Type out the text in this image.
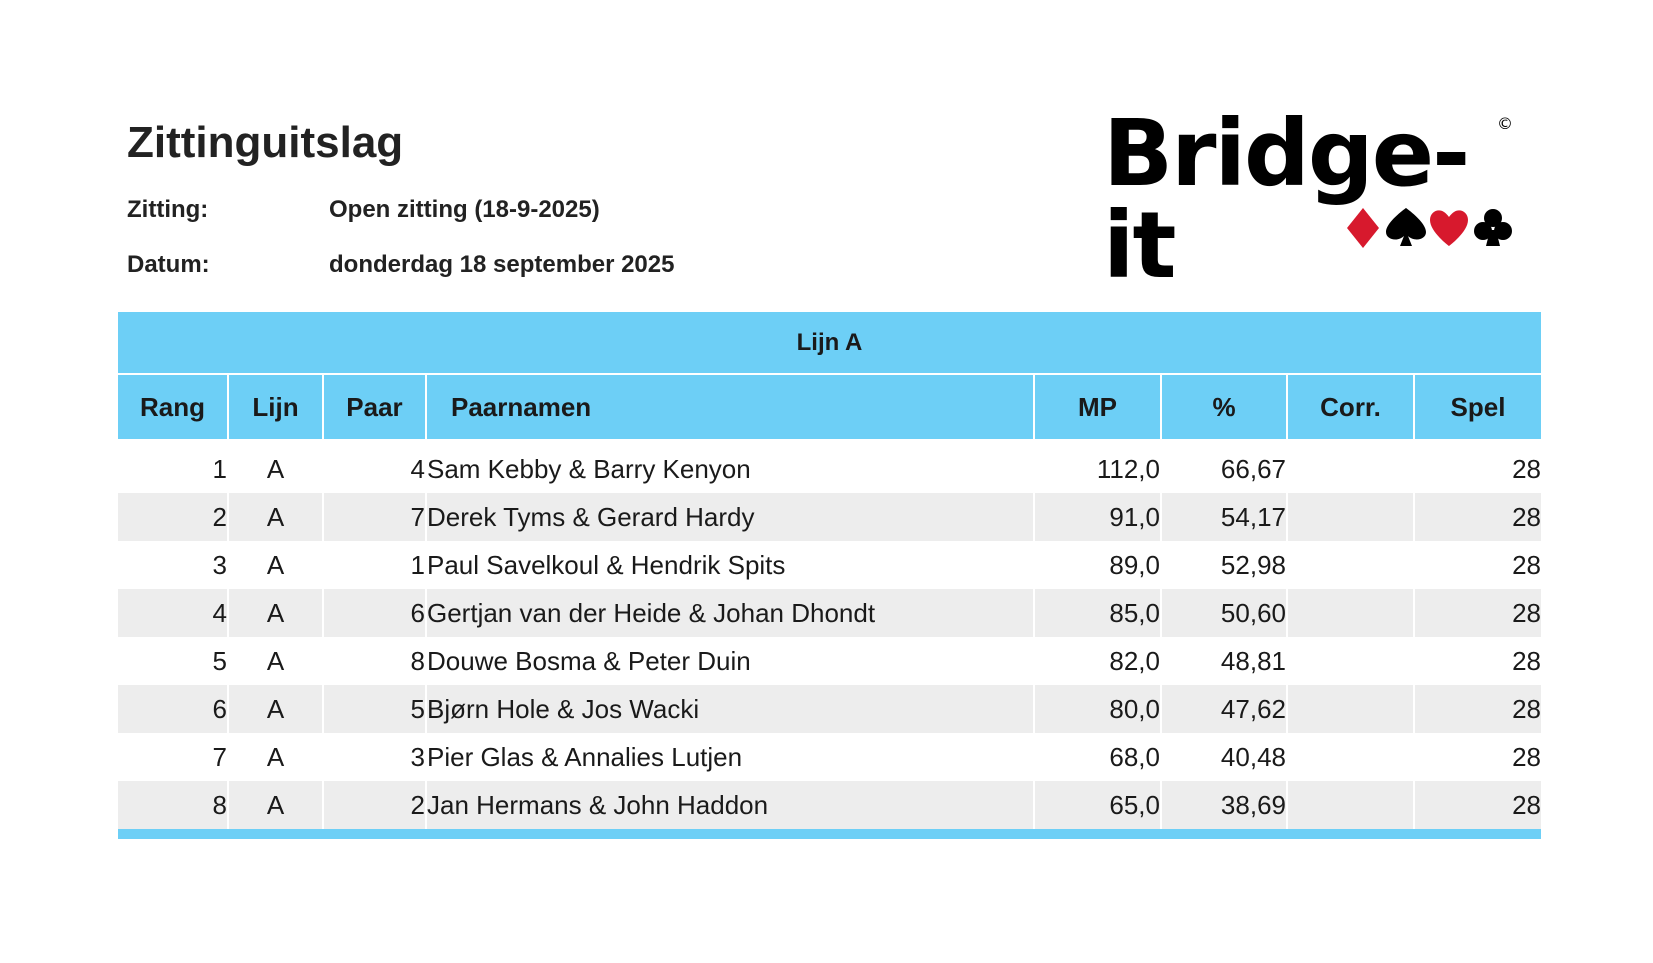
Zittinguitslag
Zitting:	Open zitting (18-9-2025)
Datum:	donderdag 18 september 2025
Bridge-it
©
Lijn A							
Rang	Lijn	Paar	Paarnamen	MP	%	Corr.	Spel
1	A	4	Sam Kebby & Barry Kenyon	112,0	66,67		28
2	A	7	Derek Tyms & Gerard Hardy	91,0	54,17		28
3	A	1	Paul Savelkoul & Hendrik Spits	89,0	52,98		28
4	A	6	Gertjan van der Heide & Johan Dhondt	85,0	50,60		28
5	A	8	Douwe Bosma & Peter Duin	82,0	48,81		28
6	A	5	Bjørn Hole & Jos Wacki	80,0	47,62		28
7	A	3	Pier Glas & Annalies Lutjen	68,0	40,48		28
8	A	2	Jan Hermans & John Haddon	65,0	38,69		28
